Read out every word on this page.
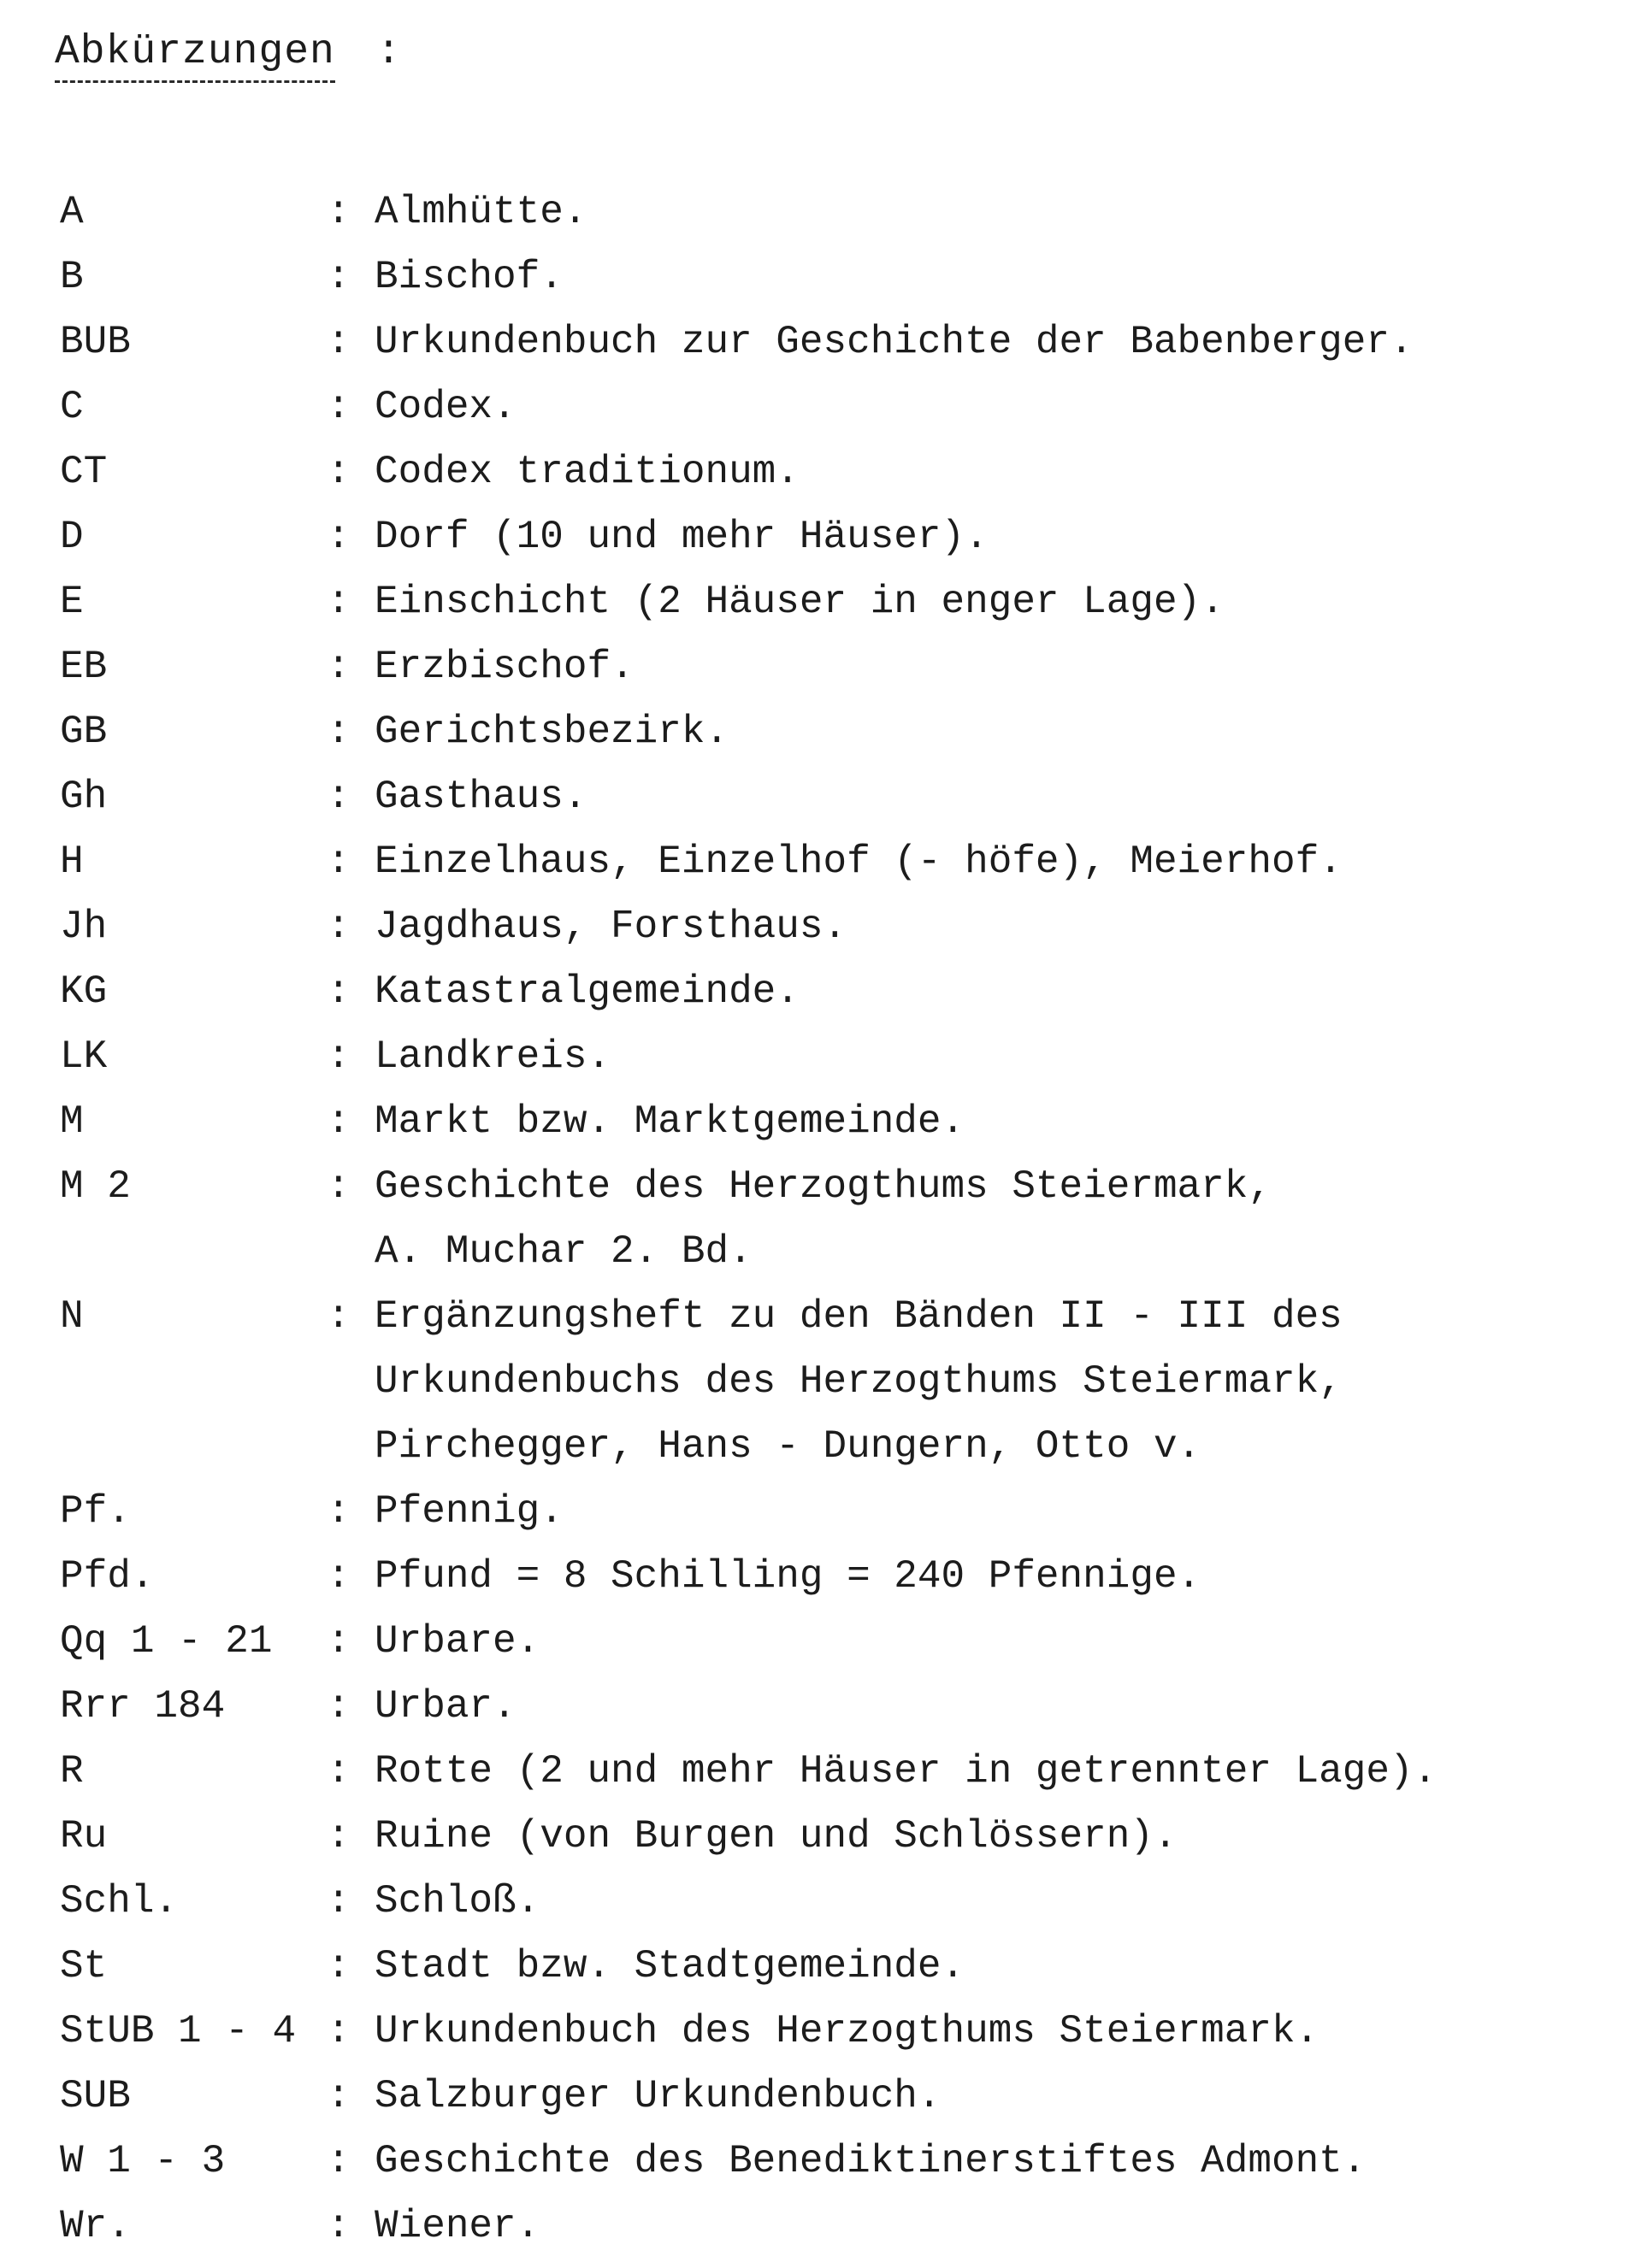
Abkürzungen :
A	: Almhütte.
B	: Bischof.
BUB	: Urkundenbuch zur Geschichte der Babenberger.
C	: Codex.
CT	: Codex traditionum.
D	: Dorf (10 und mehr Häuser).
E	: Einschicht (2 Häuser in enger Lage).
EB	: Erzbischof.
GB	: Gerichtsbezirk.
Gh	: Gasthaus.
H	: Einzelhaus, Einzelhof (- höfe), Meierhof.
Jh	: Jagdhaus, Forsthaus.
KG	: Katastralgemeinde.
LK	: Landkreis.
M	: Markt bzw. Marktgemeinde.
M 2	: Geschichte des Herzogthums Steiermark,
A. Muchar 2. Bd.
N	: Ergänzungsheft zu den Bänden II - III des
Urkundenbuchs des Herzogthums Steiermark,
Pirchegger, Hans - Dungern, Otto v.
Pf.	: Pfennig.
Pfd.	: Pfund = 8 Schilling = 240 Pfennige.
Qq 1 - 21 : Urbare.
Rrr 184	: Urbar.
R	: Rotte (2 und mehr Häuser in getrennter Lage).
Ru	: Ruine (von Burgen und Schlössern).
Schl.	: Schloß.
St	: Stadt bzw. Stadtgemeinde.
StUB 1 - 4 : Urkundenbuch des Herzogthums Steiermark.
SUB	: Salzburger Urkundenbuch.
W 1 - 3	: Geschichte des Benediktinerstiftes Admont.
Wr.	: Wiener.
